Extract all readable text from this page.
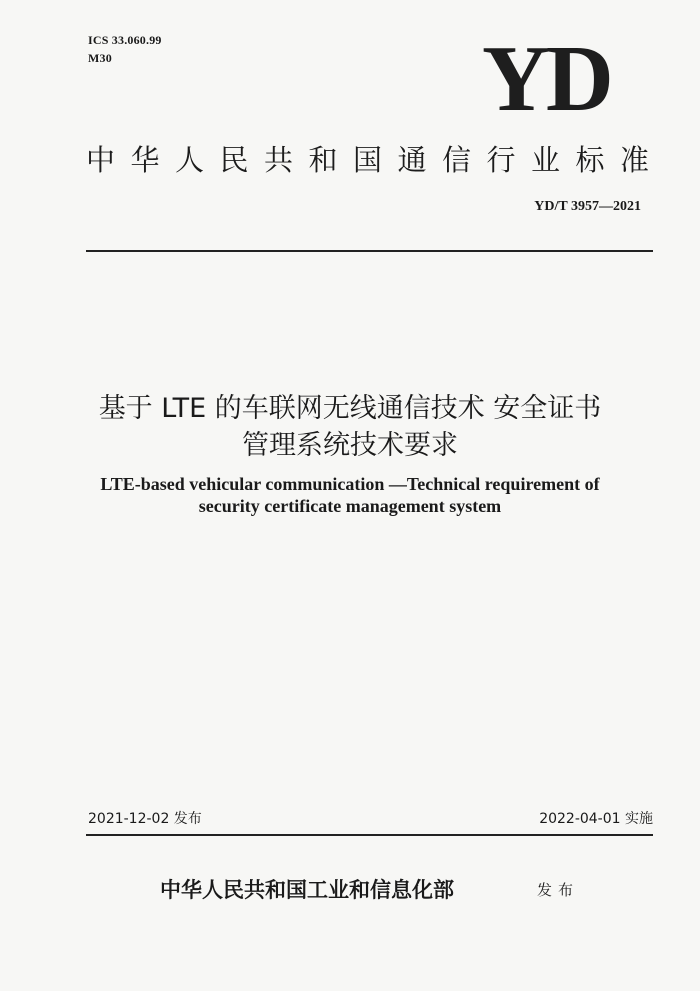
ICS 33.060.99
M30	YD
中华人民共和国通信行业标准
YD/T 3957—2021
基于 LTE 的车联网无线通信技术 安全证书
管理系统技术要求
LTE-based vehicular communication —Technical requirement of
security certificate management system
2021-12-02 发布	2022-04-01 实施
中华人民共和国工业和信息化部	发布
